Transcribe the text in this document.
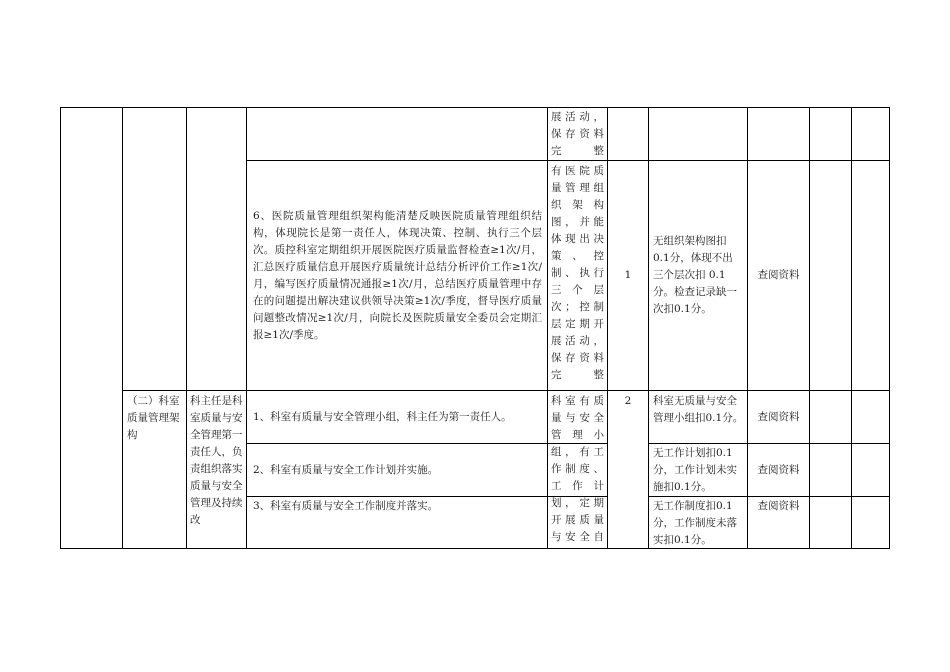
展活动，
保存资料
完整
6、医院质量管理组织架构能清楚反映医院质量管理组织结构，体现院长是第一责任人，体现决策、控制、执行三个层次。质控科室定期组织开展医院医疗质量监督检查≥1次/月，汇总医疗质量信息开展医疗质量统计总结分析评价工作≥1次/月，编写医疗质量情况通报≥1次/月，总结医疗质量管理中存在的问题提出解决建议供领导决策≥1次/季度，督导医疗质量问题整改情况≥1次/月，向院长及医院质量安全委员会定期汇报≥1次/季度。
有医院质
量管理组
织 架 构
图，并能
体现出决
策 、 控
制、执行
三 个 层
次；控制
层定期开
展活动，
保存资料
完整
1
无组织架构图扣0.1分，体现不出三个层次扣 0.1分。检查记录缺一次扣0.1分。
查阅资料
（二）科室质量管理架构
科主任是科室质量与安全管理第一责任人，负责组织落实质量与安全管理及持续改
科室有质
量与安全
管 理 小
组，有工
作制度、
工 作 计
划，定期
开展质量
与安全自
2
1、科室有质量与安全管理小组，科主任为第一责任人。
科室无质量与安全管理小组扣0.1分。	查阅资料
2、科室有质量与安全工作计划并实施。
无工作计划扣0.1分，工作计划未实施扣0.1分。
查阅资料
3、科室有质量与安全工作制度并落实。	无工作制度扣0.1分，工作制度未落实扣0.1分。
查阅资料
